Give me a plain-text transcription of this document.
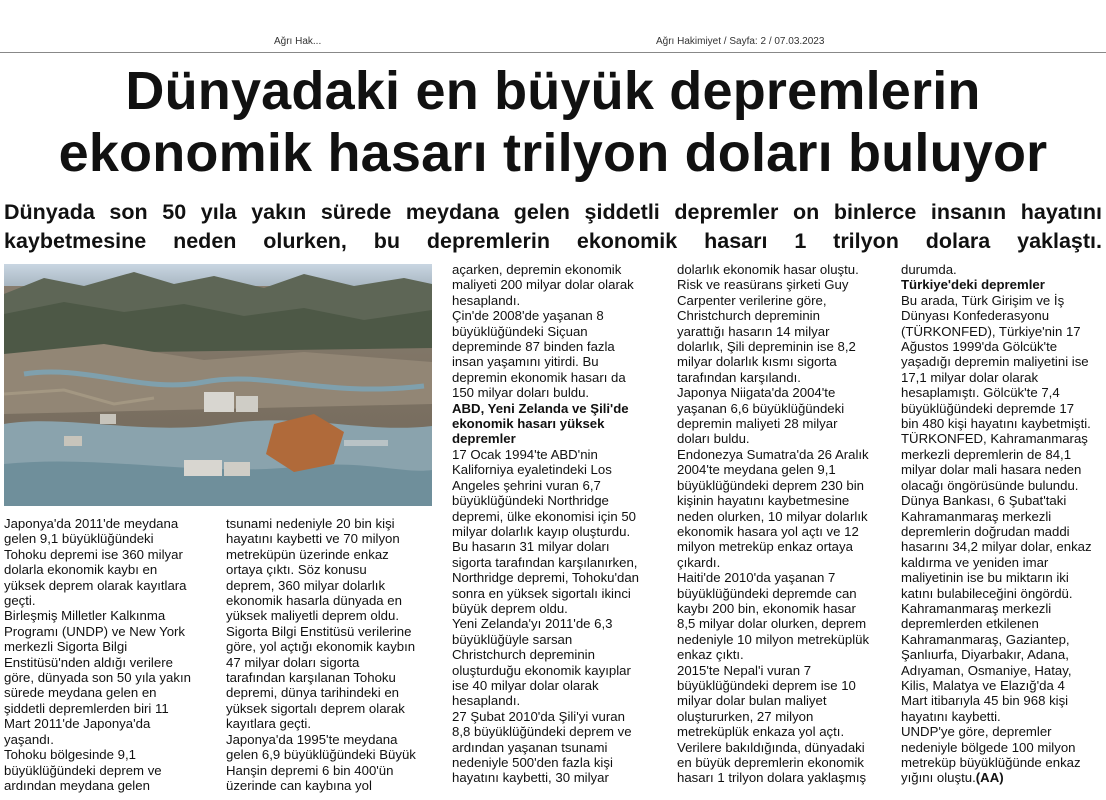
Ağrı Hak...	Ağrı Hakimiyet / Sayfa: 2 / 07.03.2023
Dünyadaki en büyük depremlerin
ekonomik hasarı trilyon doları buluyor
Dünyada son 50 yıla yakın sürede meydana gelen şiddetli depremler on binlerce insanın hayatını
kaybetmesine neden olurken, bu depremlerin ekonomik hasarı 1 trilyon dolara yaklaştı.

Japonya'da 2011'de meydana

gelen 9,1 büyüklüğündeki

Tohoku depremi ise 360 milyar

dolarla ekonomik kaybı en

yüksek deprem olarak kayıtlara

geçti.

Birleşmiş Milletler Kalkınma

Programı (UNDP) ve New York

merkezli Sigorta Bilgi

Enstitüsü'nden aldığı verilere

göre, dünyada son 50 yıla yakın

sürede meydana gelen en

şiddetli depremlerden biri 11

Mart 2011'de Japonya'da

yaşandı.

Tohoku bölgesinde 9,1

büyüklüğündeki deprem ve

ardından meydana gelen

tsunami nedeniyle 20 bin kişi

hayatını kaybetti ve 70 milyon

metreküpün üzerinde enkaz

ortaya çıktı. Söz konusu

deprem, 360 milyar dolarlık

ekonomik hasarla dünyada en

yüksek maliyetli deprem oldu.

Sigorta Bilgi Enstitüsü verilerine

göre, yol açtığı ekonomik kaybın

47 milyar doları sigorta

tarafından karşılanan Tohoku

depremi, dünya tarihindeki en

yüksek sigortalı deprem olarak

kayıtlara geçti.

Japonya'da 1995'te meydana

gelen 6,9 büyüklüğündeki Büyük

Hanşin depremi 6 bin 400'ün

üzerinde can kaybına yol

açarken, depremin ekonomik

maliyeti 200 milyar dolar olarak

hesaplandı.

Çin'de 2008'de yaşanan 8

büyüklüğündeki Siçuan

depreminde 87 binden fazla

insan yaşamını yitirdi. Bu

depremin ekonomik hasarı da

150 milyar doları buldu.

ABD, Yeni Zelanda ve Şili'de

ekonomik hasarı yüksek

depremler

17 Ocak 1994'te ABD'nin

Kaliforniya eyaletindeki Los

Angeles şehrini vuran 6,7

büyüklüğündeki Northridge

depremi, ülke ekonomisi için 50

milyar dolarlık kayıp oluşturdu.

Bu hasarın 31 milyar doları

sigorta tarafından karşılanırken,

Northridge depremi, Tohoku'dan

sonra en yüksek sigortalı ikinci

büyük deprem oldu.

Yeni Zelanda'yı 2011'de 6,3

büyüklüğüyle sarsan

Christchurch depreminin

oluşturduğu ekonomik kayıplar

ise 40 milyar dolar olarak

hesaplandı.

27 Şubat 2010'da Şili'yi vuran

8,8 büyüklüğündeki deprem ve

ardından yaşanan tsunami

nedeniyle 500'den fazla kişi

hayatını kaybetti, 30 milyar

dolarlık ekonomik hasar oluştu.

Risk ve reasürans şirketi Guy

Carpenter verilerine göre,

Christchurch depreminin

yarattığı hasarın 14 milyar

dolarlık, Şili depreminin ise 8,2

milyar dolarlık kısmı sigorta

tarafından karşılandı.

Japonya Niigata'da 2004'te

yaşanan 6,6 büyüklüğündeki

depremin maliyeti 28 milyar

doları buldu.

Endonezya Sumatra'da 26 Aralık

2004'te meydana gelen 9,1

büyüklüğündeki deprem 230 bin

kişinin hayatını kaybetmesine

neden olurken, 10 milyar dolarlık

ekonomik hasara yol açtı ve 12

milyon metreküp enkaz ortaya

çıkardı.

Haiti'de 2010'da yaşanan 7

büyüklüğündeki depremde can

kaybı 200 bin, ekonomik hasar

8,5 milyar dolar olurken, deprem

nedeniyle 10 milyon metreküplük

enkaz çıktı.

2015'te Nepal'i vuran 7

büyüklüğündeki deprem ise 10

milyar dolar bulan maliyet

oluştururken, 27 milyon

metreküplük enkaza yol açtı.

Verilere bakıldığında, dünyadaki

en büyük depremlerin ekonomik

hasarı 1 trilyon dolara yaklaşmış

durumda.

Türkiye'deki depremler

Bu arada, Türk Girişim ve İş

Dünyası Konfederasyonu

(TÜRKONFED), Türkiye'nin 17

Ağustos 1999'da Gölcük'te

yaşadığı depremin maliyetini ise

17,1 milyar dolar olarak

hesaplamıştı. Gölcük'te 7,4

büyüklüğündeki depremde 17

bin 480 kişi hayatını kaybetmişti.

TÜRKONFED, Kahramanmaraş

merkezli depremlerin de 84,1

milyar dolar mali hasara neden

olacağı öngörüsünde bulundu.

Dünya Bankası, 6 Şubat'taki

Kahramanmaraş merkezli

depremlerin doğrudan maddi

hasarını 34,2 milyar dolar, enkaz

kaldırma ve yeniden imar

maliyetinin ise bu miktarın iki

katını bulabileceğini öngördü.

Kahramanmaraş merkezli

depremlerden etkilenen

Kahramanmaraş, Gaziantep,

Şanlıurfa, Diyarbakır, Adana,

Adıyaman, Osmaniye, Hatay,

Kilis, Malatya ve Elazığ'da 4

Mart itibarıyla 45 bin 968 kişi

hayatını kaybetti.

UNDP'ye göre, depremler

nedeniyle bölgede 100 milyon

metreküp büyüklüğünde enkaz

yığını oluştu.(AA)
